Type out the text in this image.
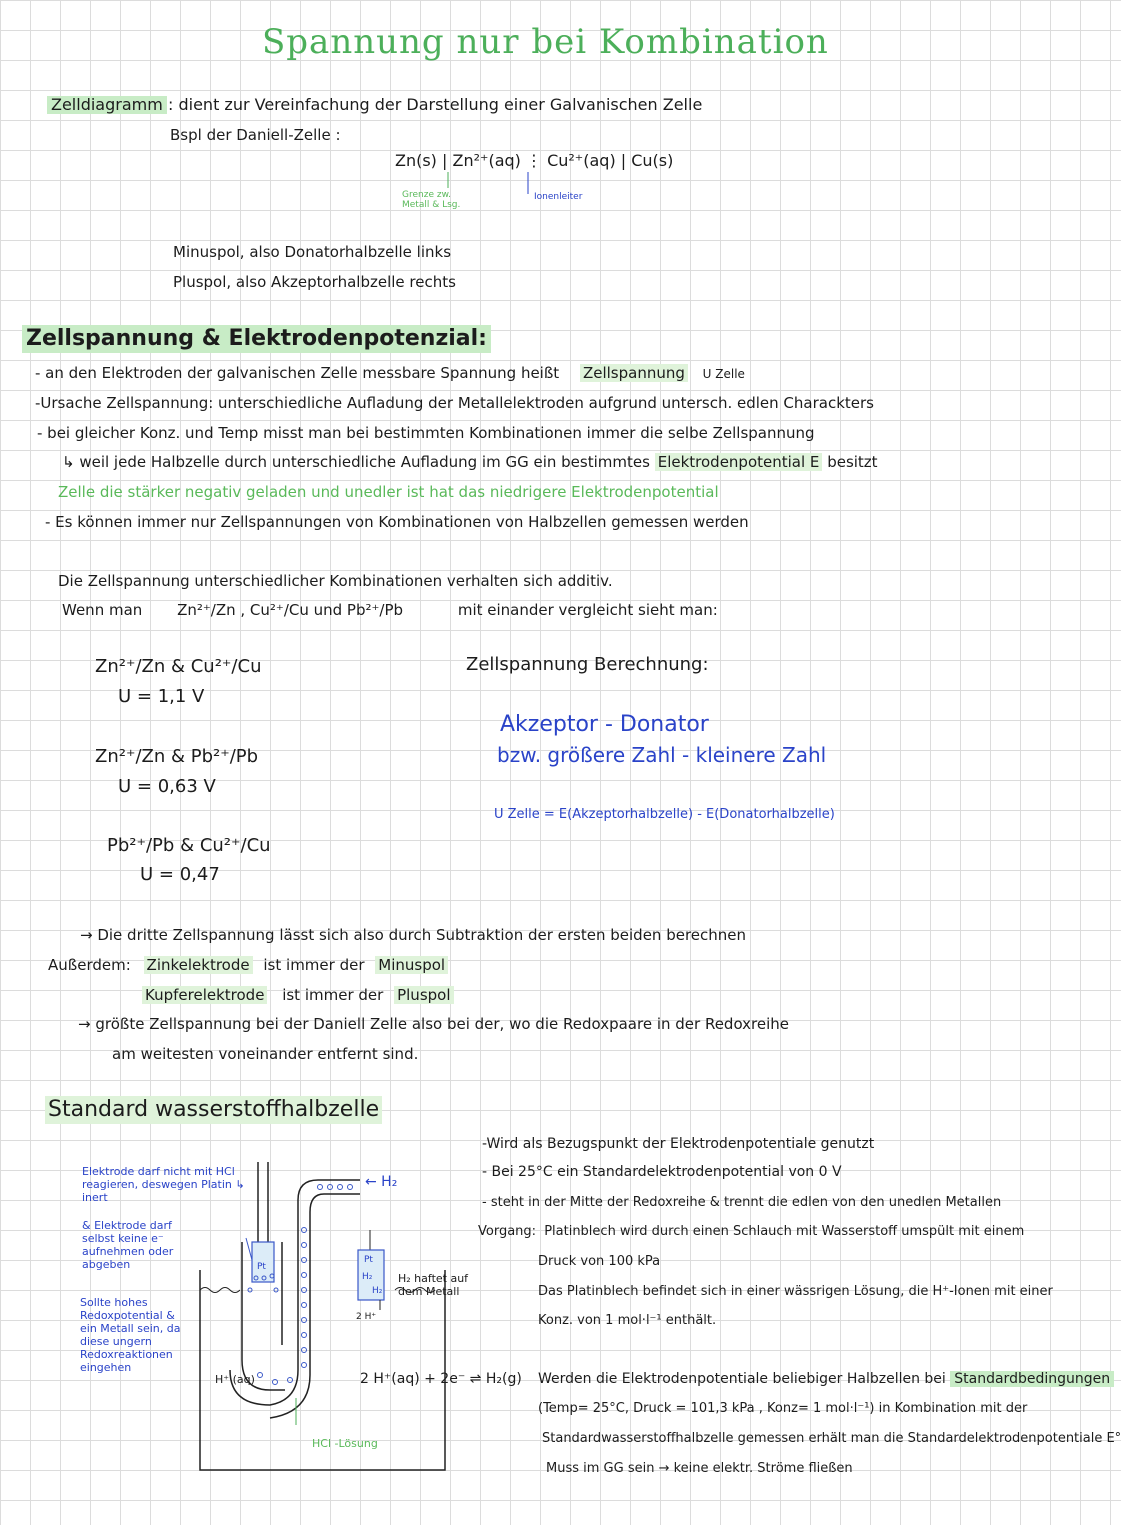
Spannung nur bei Kombination
Zelldiagramm : dient zur Vereinfachung der Darstellung einer Galvanischen Zelle
Bspl der Daniell-Zelle :
Zn(s) | Zn²⁺(aq) ⋮ Cu²⁺(aq) | Cu(s)
Grenze zw. Metall & Lsg.
Ionenleiter
Minuspol, also Donatorhalbzelle links
Pluspol, also Akzeptorhalbzelle rechts
Zellspannung & Elektrodenpotenzial:
- an den Elektroden der galvanischen Zelle messbare Spannung heißt Zellspannung U Zelle
-Ursache Zellspannung: unterschiedliche Aufladung der Metallelektroden aufgrund untersch. edlen Charackters
- bei gleicher Konz. und Temp misst man bei bestimmten Kombinationen immer die selbe Zellspannung
↳ weil jede Halbzelle durch unterschiedliche Aufladung im GG ein bestimmtes Elektrodenpotential E besitzt
Zelle die stärker negativ geladen und unedler ist hat das niedrigere Elektrodenpotential
- Es können immer nur Zellspannungen von Kombinationen von Halbzellen gemessen werden
Die Zellspannung unterschiedlicher Kombinationen verhalten sich additiv.
Wenn man Zn²⁺/Zn , Cu²⁺/Cu und Pb²⁺/Pb	mit einander vergleicht sieht man:
Zn²⁺/Zn & Cu²⁺/Cu
U = 1,1 V
Zn²⁺/Zn & Pb²⁺/Pb
U = 0,63 V
Pb²⁺/Pb & Cu²⁺/Cu
U = 0,47
Zellspannung Berechnung:
Akzeptor - Donator
bzw. größere Zahl - kleinere Zahl
U Zelle = E(Akzeptorhalbzelle) - E(Donatorhalbzelle)
→ Die dritte Zellspannung lässt sich also durch Subtraktion der ersten beiden berechnen
Außerdem: Zinkelektrode ist immer der Minuspol
Kupferelektrode ist immer der Pluspol
→ größte Zellspannung bei der Daniell Zelle also bei der, wo die Redoxpaare in der Redoxreihe
am weitesten voneinander entfernt sind.
Standard wasserstoffhalbzelle
Elektrode darf nicht mit HCl reagieren, deswegen Platin ↳ inert
& Elektrode darf selbst keine e⁻ aufnehmen oder abgeben
Sollte hohes Redoxpotential & ein Metall sein, da diese ungern Redoxreaktionen eingehen
← H₂
Pt
Pt
H₂
H₂
2 H⁺
H₂ haftet auf dem Metall
H⁺ (aq)
HCl -Lösung
2 H⁺(aq) + 2e⁻ ⇌ H₂(g)
-Wird als Bezugspunkt der Elektrodenpotentiale genutzt
- Bei 25°C ein Standardelektrodenpotential von 0 V
- steht in der Mitte der Redoxreihe & trennt die edlen von den unedlen Metallen
Vorgang: Platinblech wird durch einen Schlauch mit Wasserstoff umspült mit einem
Druck von 100 kPa
Das Platinblech befindet sich in einer wässrigen Lösung, die H⁺-Ionen mit einer
Konz. von 1 mol·l⁻¹ enthält.
Werden die Elektrodenpotentiale beliebiger Halbzellen bei Standardbedingungen
(Temp= 25°C, Druck = 101,3 kPa , Konz= 1 mol·l⁻¹) in Kombination mit der
Standardwasserstoffhalbzelle gemessen erhält man die Standardelektrodenpotentiale E°
Muss im GG sein → keine elektr. Ströme fließen
